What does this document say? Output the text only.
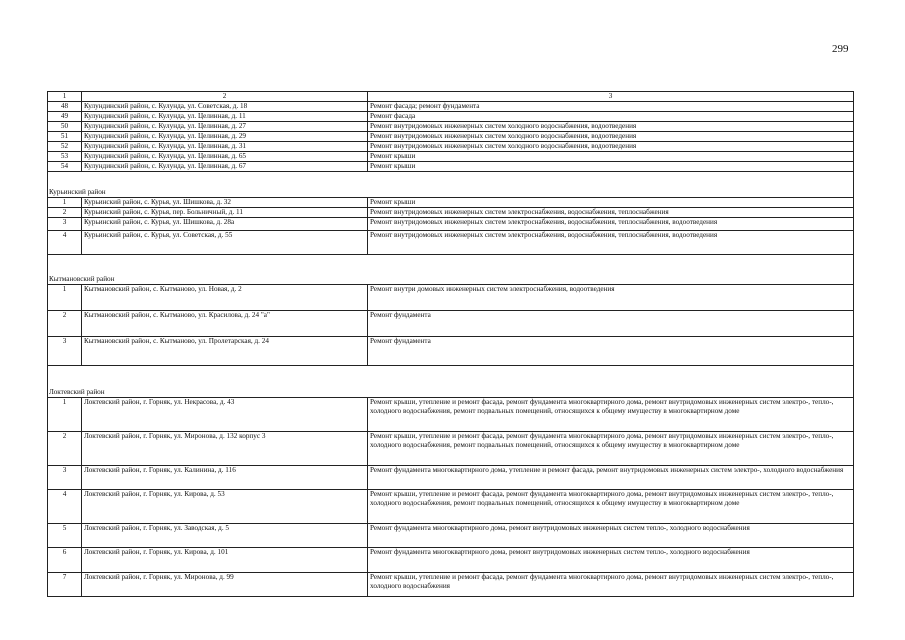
299
1	2	3
48	Кулундинский район, с. Кулунда, ул. Советская, д. 18	Ремонт фасада; ремонт фундамента
49	Кулундинский район, с. Кулунда, ул. Целинная, д. 11	Ремонт фасада
50	Кулундинский район, с. Кулунда, ул. Целинная, д. 27	Ремонт внутридомовых инженерных систем холодного водоснабжения, водоотведения
51	Кулундинский район, с. Кулунда, ул. Целинная, д. 29	Ремонт внутридомовых инженерных систем холодного водоснабжения, водоотведения
52	Кулундинский район, с. Кулунда, ул. Целинная, д. 31	Ремонт внутридомовых инженерных систем холодного водоснабжения, водоотведения
53	Кулундинский район, с. Кулунда, ул. Целинная, д. 65	Ремонт крыши
54	Кулундинский район, с. Кулунда, ул. Целинная, д. 67	Ремонт крыши
Курьинский район		
1	Курьинский район, с. Курья, ул. Шишкова, д. 32	Ремонт крыши
2	Курьинский район, с. Курья, пер. Больничный, д. 11	Ремонт внутридомовых инженерных систем электроснабжения, водоснабжения, теплоснабжения
3	Курьинский район, с. Курья, ул. Шишкова, д. 28а	Ремонт внутридомовых инженерных систем электроснабжения, водоснабжения, теплоснабжения, водоотведения
4	Курьинский район, с. Курья, ул. Советская, д. 55	Ремонт внутридомовых инженерных систем электроснабжения, водоснабжения, теплоснабжения, водоотведения
Кытмановский район		
1	Кытмановский район, с. Кытманово, ул. Новая, д. 2	Ремонт внутри домовых инженерных систем электроснабжения, водоотведения
2	Кытмановский район, с. Кытманово, ул. Красилова, д. 24 "а"	Ремонт фундамента
3	Кытмановский район, с. Кытманово, ул. Пролетарская, д. 24	Ремонт фундамента
Локтевский район		
1	Локтевский район, г. Горняк, ул. Некрасова, д. 43	Ремонт крыши, утепление и ремонт фасада, ремонт фундамента многоквартирного дома, ремонт внутридомовых инженерных систем электро-, тепло-, холодного водоснабжения, ремонт подвальных помещений, относящихся к общему имуществу в многоквартирном доме
2	Локтевский район, г. Горняк, ул. Миронова, д. 132 корпус 3	Ремонт крыши, утепление и ремонт фасада, ремонт фундамента многоквартирного дома, ремонт внутридомовых инженерных систем электро-, тепло-, холодного водоснабжения, ремонт подвальных помещений, относящихся к общему имуществу в многоквартирном доме
3	Локтевский район, г. Горняк, ул. Калинина, д. 116	Ремонт фундамента многоквартирного дома, утепление и ремонт фасада, ремонт внутридомовых инженерных систем электро-, холодного водоснабжения
4	Локтевский район, г. Горняк, ул. Кирова, д. 53	Ремонт крыши, утепление и ремонт фасада, ремонт фундамента многоквартирного дома, ремонт внутридомовых инженерных систем электро-, тепло-, холодного водоснабжения, ремонт подвальных помещений, относящихся к общему имуществу в многоквартирном доме
5	Локтевский район, г. Горняк, ул. Заводская, д. 5	Ремонт фундамента многоквартирного дома, ремонт внутридомовых инженерных систем тепло-, холодного водоснабжения
6	Локтевский район, г. Горняк, ул. Кирова, д. 101	Ремонт фундамента многоквартирного дома, ремонт внутридомовых инженерных систем тепло-, холодного водоснабжения
7	Локтевский район, г. Горняк, ул. Миронова, д. 99	Ремонт крыши, утепление и ремонт фасада, ремонт фундамента многоквартирного дома, ремонт внутридомовых инженерных систем электро-, тепло-, холодного водоснабжения
